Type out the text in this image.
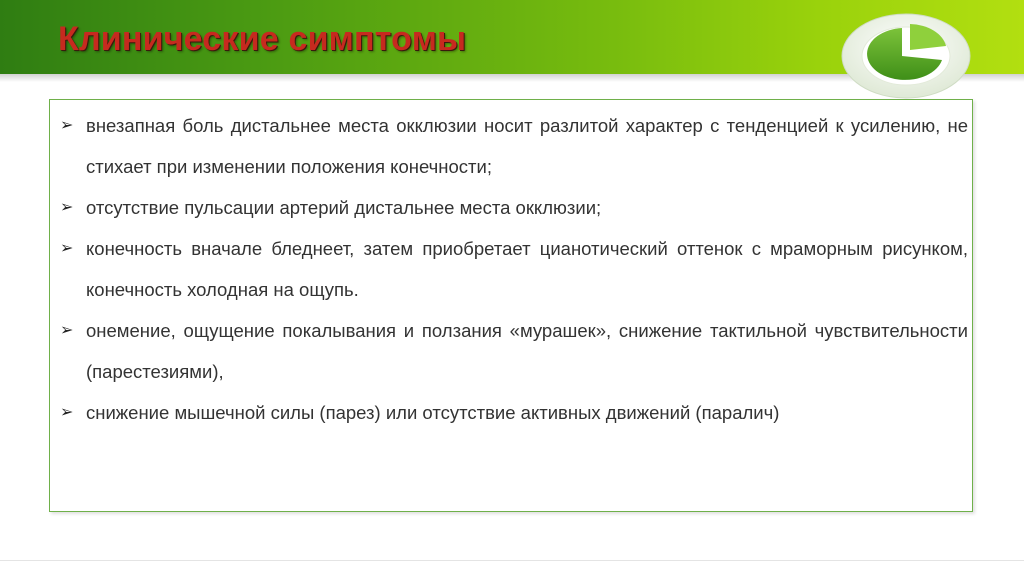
Клинические симптомы
➢ внезапная боль дистальнее места окклюзии носит разлитой характер с тенденцией к усилению, не стихает при изменении положения конечности;
➢ отсутствие пульсации артерий дистальнее места окклюзии;
➢ конечность вначале бледнеет, затем приобретает цианотический оттенок с мраморным рисунком, конечность холодная на ощупь.
➢ онемение, ощущение покалывания и ползания «мурашек», снижение тактильной чувствительности (парестезиями),
➢ снижение мышечной силы (парез) или отсутствие активных движений (паралич)
